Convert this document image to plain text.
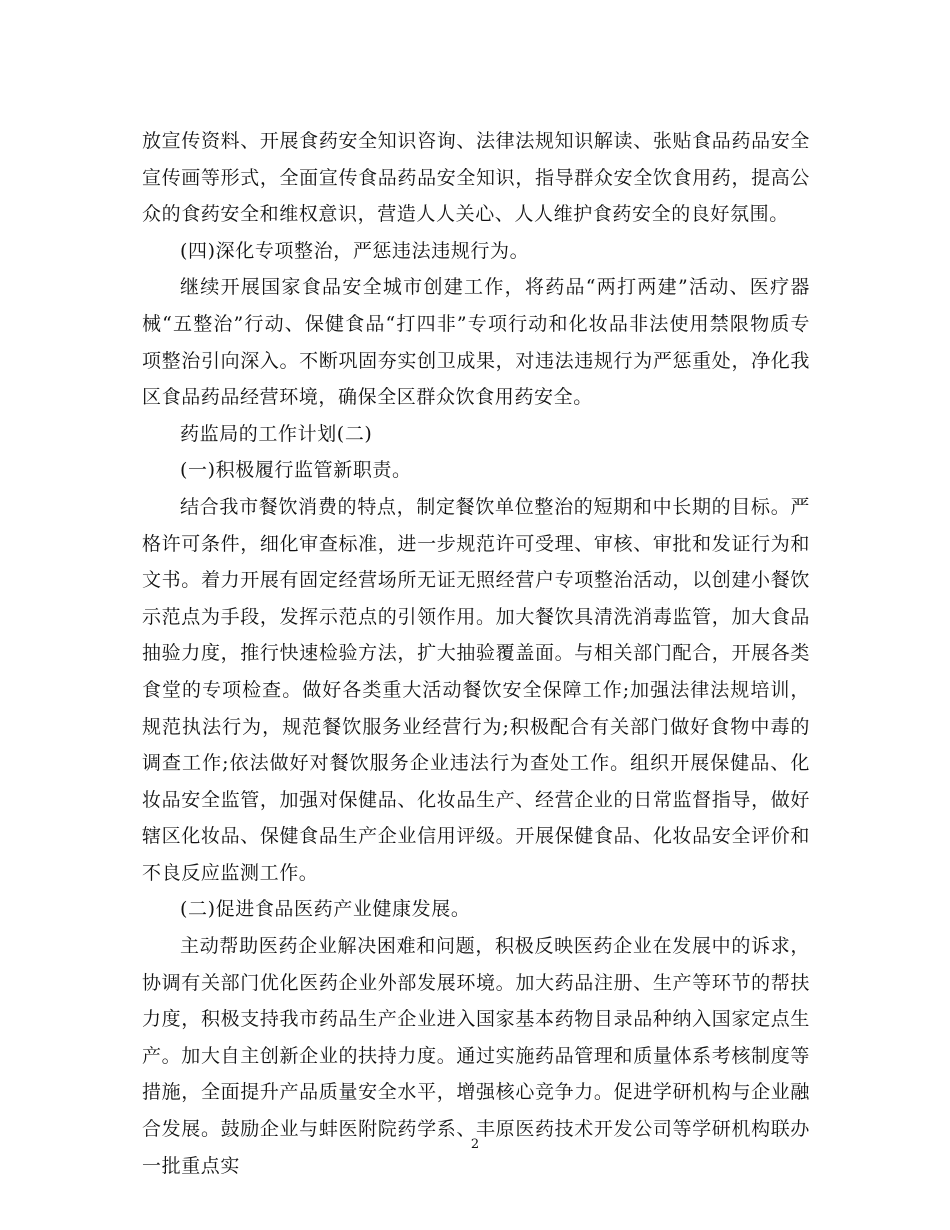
放宣传资料、开展食药安全知识咨询、法律法规知识解读、张贴食品药品安全宣传画等形式，全面宣传食品药品安全知识，指导群众安全饮食用药，提高公众的食药安全和维权意识，营造人人关心、人人维护食药安全的良好氛围。

(四)深化专项整治，严惩违法违规行为。

继续开展国家食品安全城市创建工作，将药品“两打两建”活动、医疗器械“五整治”行动、保健食品“打四非”专项行动和化妆品非法使用禁限物质专项整治引向深入。不断巩固夯实创卫成果，对违法违规行为严惩重处，净化我区食品药品经营环境，确保全区群众饮食用药安全。

药监局的工作计划(二)

(一)积极履行监管新职责。

结合我市餐饮消费的特点，制定餐饮单位整治的短期和中长期的目标。严格许可条件，细化审查标准，进一步规范许可受理、审核、审批和发证行为和文书。着力开展有固定经营场所无证无照经营户专项整治活动，以创建小餐饮示范点为手段，发挥示范点的引领作用。加大餐饮具清洗消毒监管，加大食品抽验力度，推行快速检验方法，扩大抽验覆盖面。与相关部门配合，开展各类食堂的专项检查。做好各类重大活动餐饮安全保障工作;加强法律法规培训，规范执法行为，规范餐饮服务业经营行为;积极配合有关部门做好食物中毒的调查工作;依法做好对餐饮服务企业违法行为查处工作。组织开展保健品、化妆品安全监管，加强对保健品、化妆品生产、经营企业的日常监督指导，做好辖区化妆品、保健食品生产企业信用评级。开展保健食品、化妆品安全评价和不良反应监测工作。

(二)促进食品医药产业健康发展。

主动帮助医药企业解决困难和问题，积极反映医药企业在发展中的诉求，协调有关部门优化医药企业外部发展环境。加大药品注册、生产等环节的帮扶力度，积极支持我市药品生产企业进入国家基本药物目录品种纳入国家定点生产。加大自主创新企业的扶持力度。通过实施药品管理和质量体系考核制度等措施，全面提升产品质量安全水平，增强核心竞争力。促进学研机构与企业融合发展。鼓励企业与蚌医附院药学系、丰原医药技术开发公司等学研机构联办一批重点实

2
